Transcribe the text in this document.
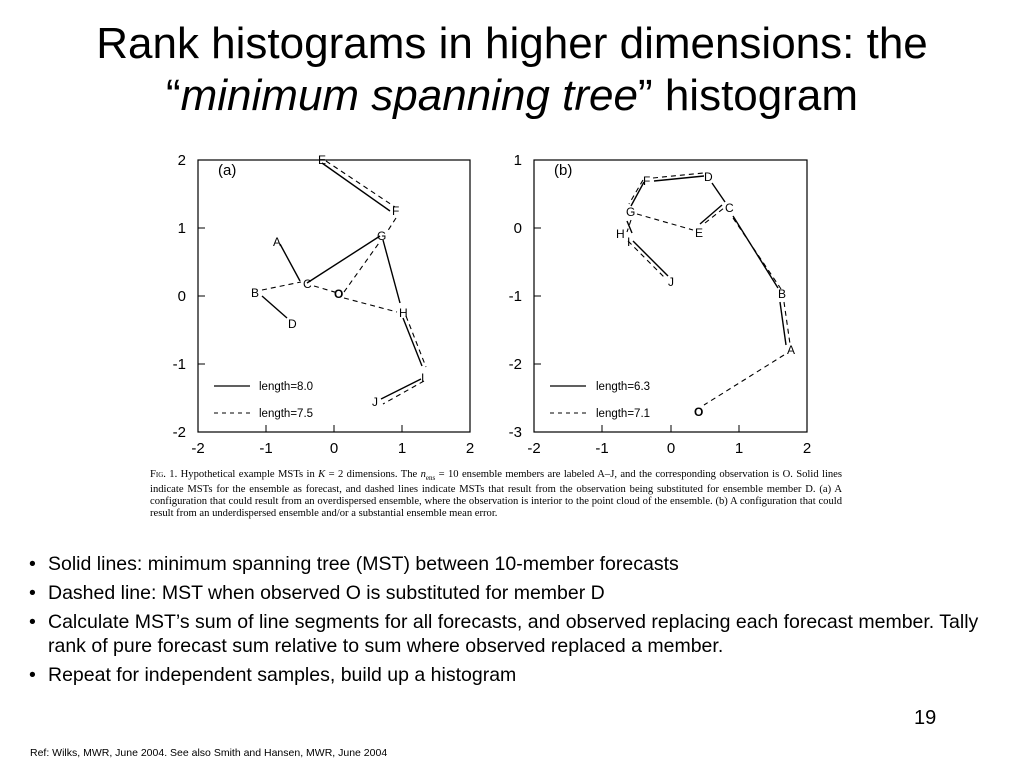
Rank histograms in higher dimensions: the
“minimum spanning tree” histogram
(a)
-2	-1	0	1	2
2
1
0
-1
-2
E
F
G
A
C
O
B
D
H
I
J
length=8.0
length=7.5
(b)
-2	-1	0	1	2
1
0
-1
-2
-3
D
F
C
G
E
H
I
J
B
A
O
length=6.3
length=7.1
Fig. 1. Hypothetical example MSTs in K = 2 dimensions. The $n_{ens} = 10$ ensemble members are labeled A–J, and the corresponding observation is O. Solid lines indicate MSTs for the ensemble as forecast, and dashed lines indicate MSTs that result from the observation being substituted for ensemble member D. (a) A configuration that could result from an overdispersed ensemble, where the observation is interior to the point cloud of the ensemble. (b) A configuration that could result from an underdispersed ensemble and/or a substantial ensemble mean error.
• Solid lines: minimum spanning tree (MST) between 10-member forecasts
• Dashed line: MST when observed O is substituted for member D
• Calculate MST’s sum of line segments for all forecasts, and observed replacing each forecast member. Tally rank of pure forecast sum relative to sum where observed replaced a member.
• Repeat for independent samples, build up a histogram
19
Ref: Wilks, MWR, June 2004. See also Smith and Hansen, MWR, June 2004
